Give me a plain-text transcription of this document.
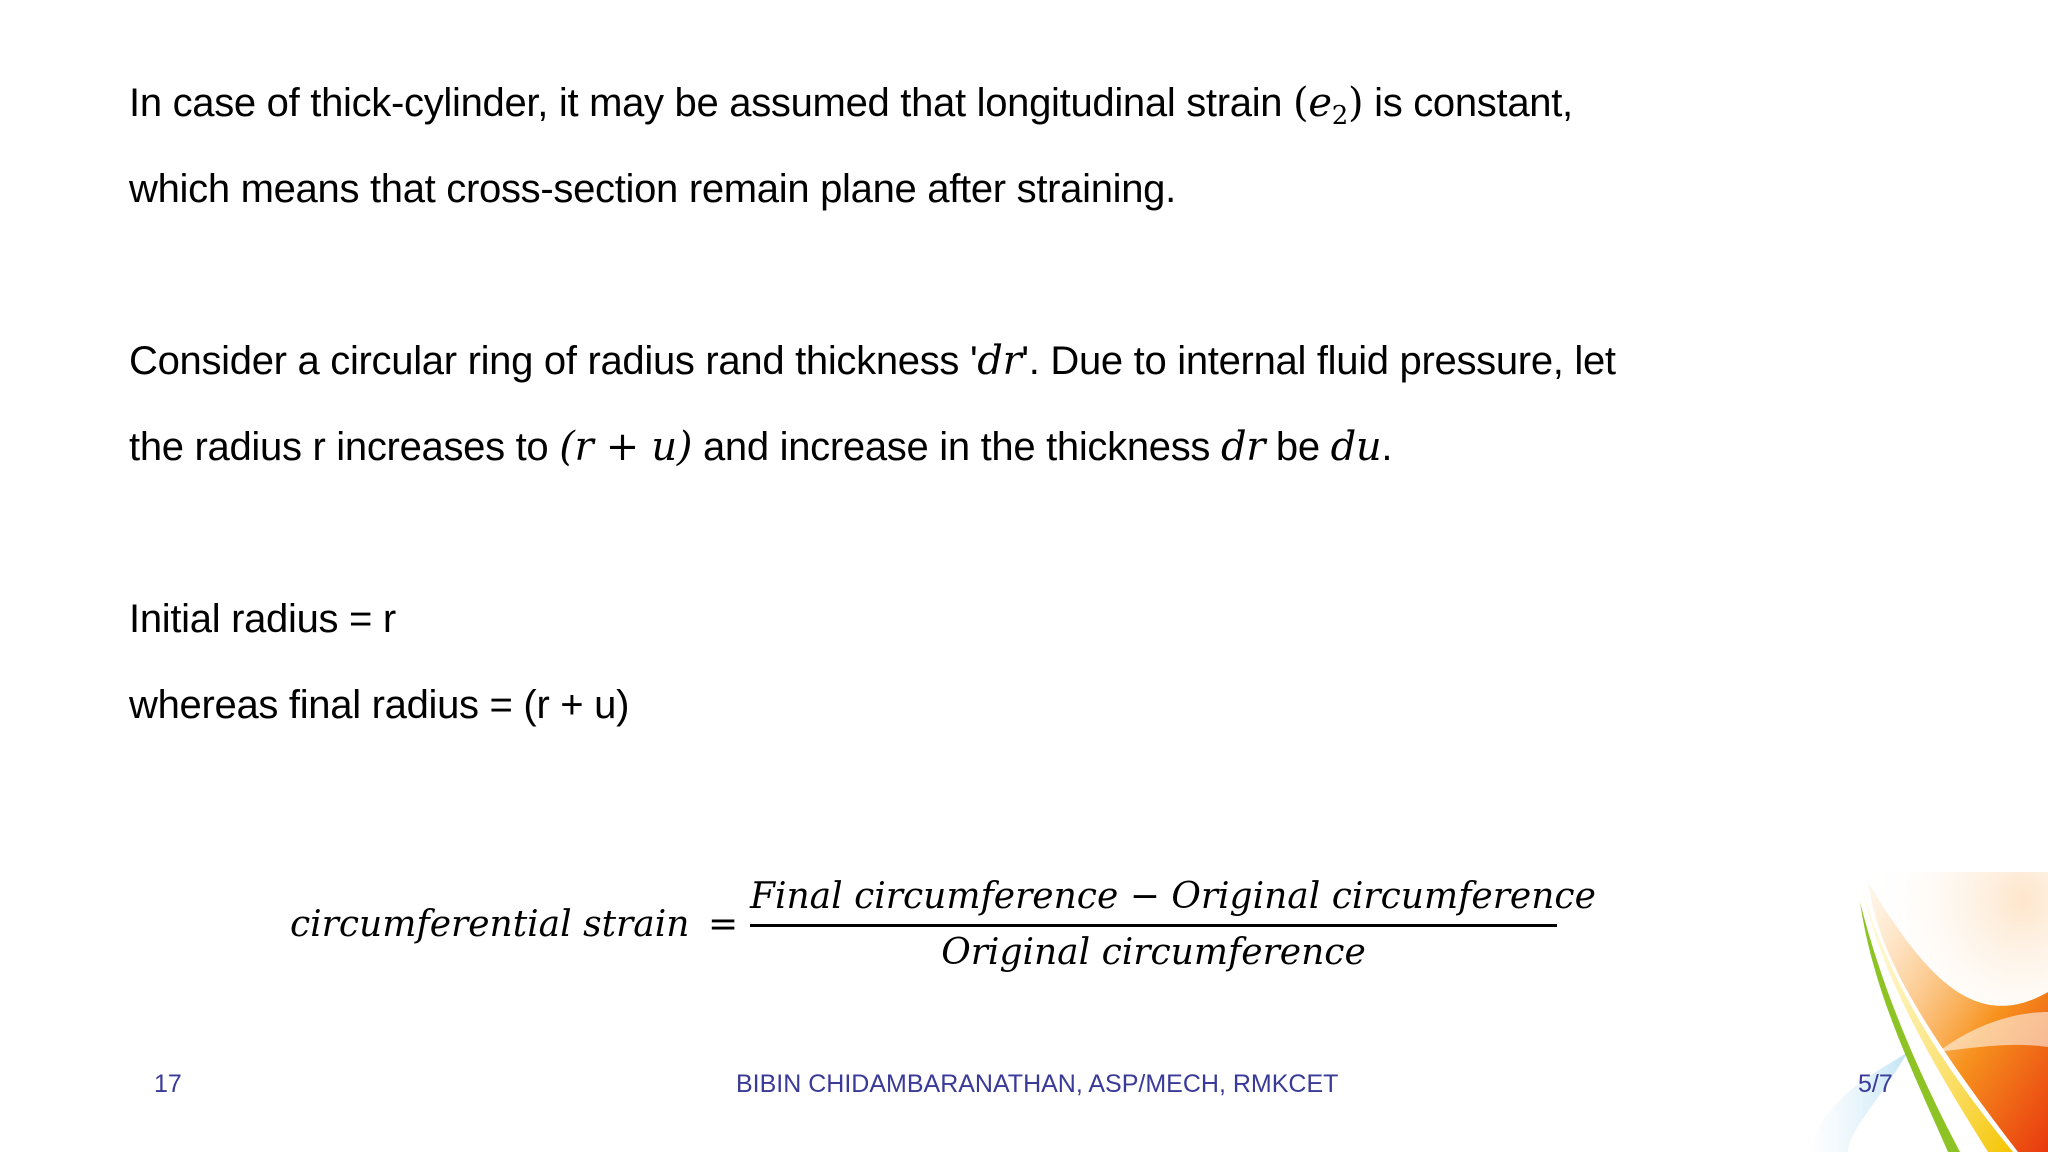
In case of thick-cylinder, it may be assumed that longitudinal strain $(e_2)$ is constant,
which means that cross-section remain plane after straining.
Consider a circular ring of radius rand thickness 'dr'. Due to internal fluid pressure, let
the radius r increases to (r + u) and increase in the thickness dr be du.
Initial radius = r
whereas final radius = (r + u)
circumferential strain =
Final circumference − Original circumference
Original circumference
17	BIBIN CHIDAMBARANATHAN, ASP/MECH, RMKCET	5/7
